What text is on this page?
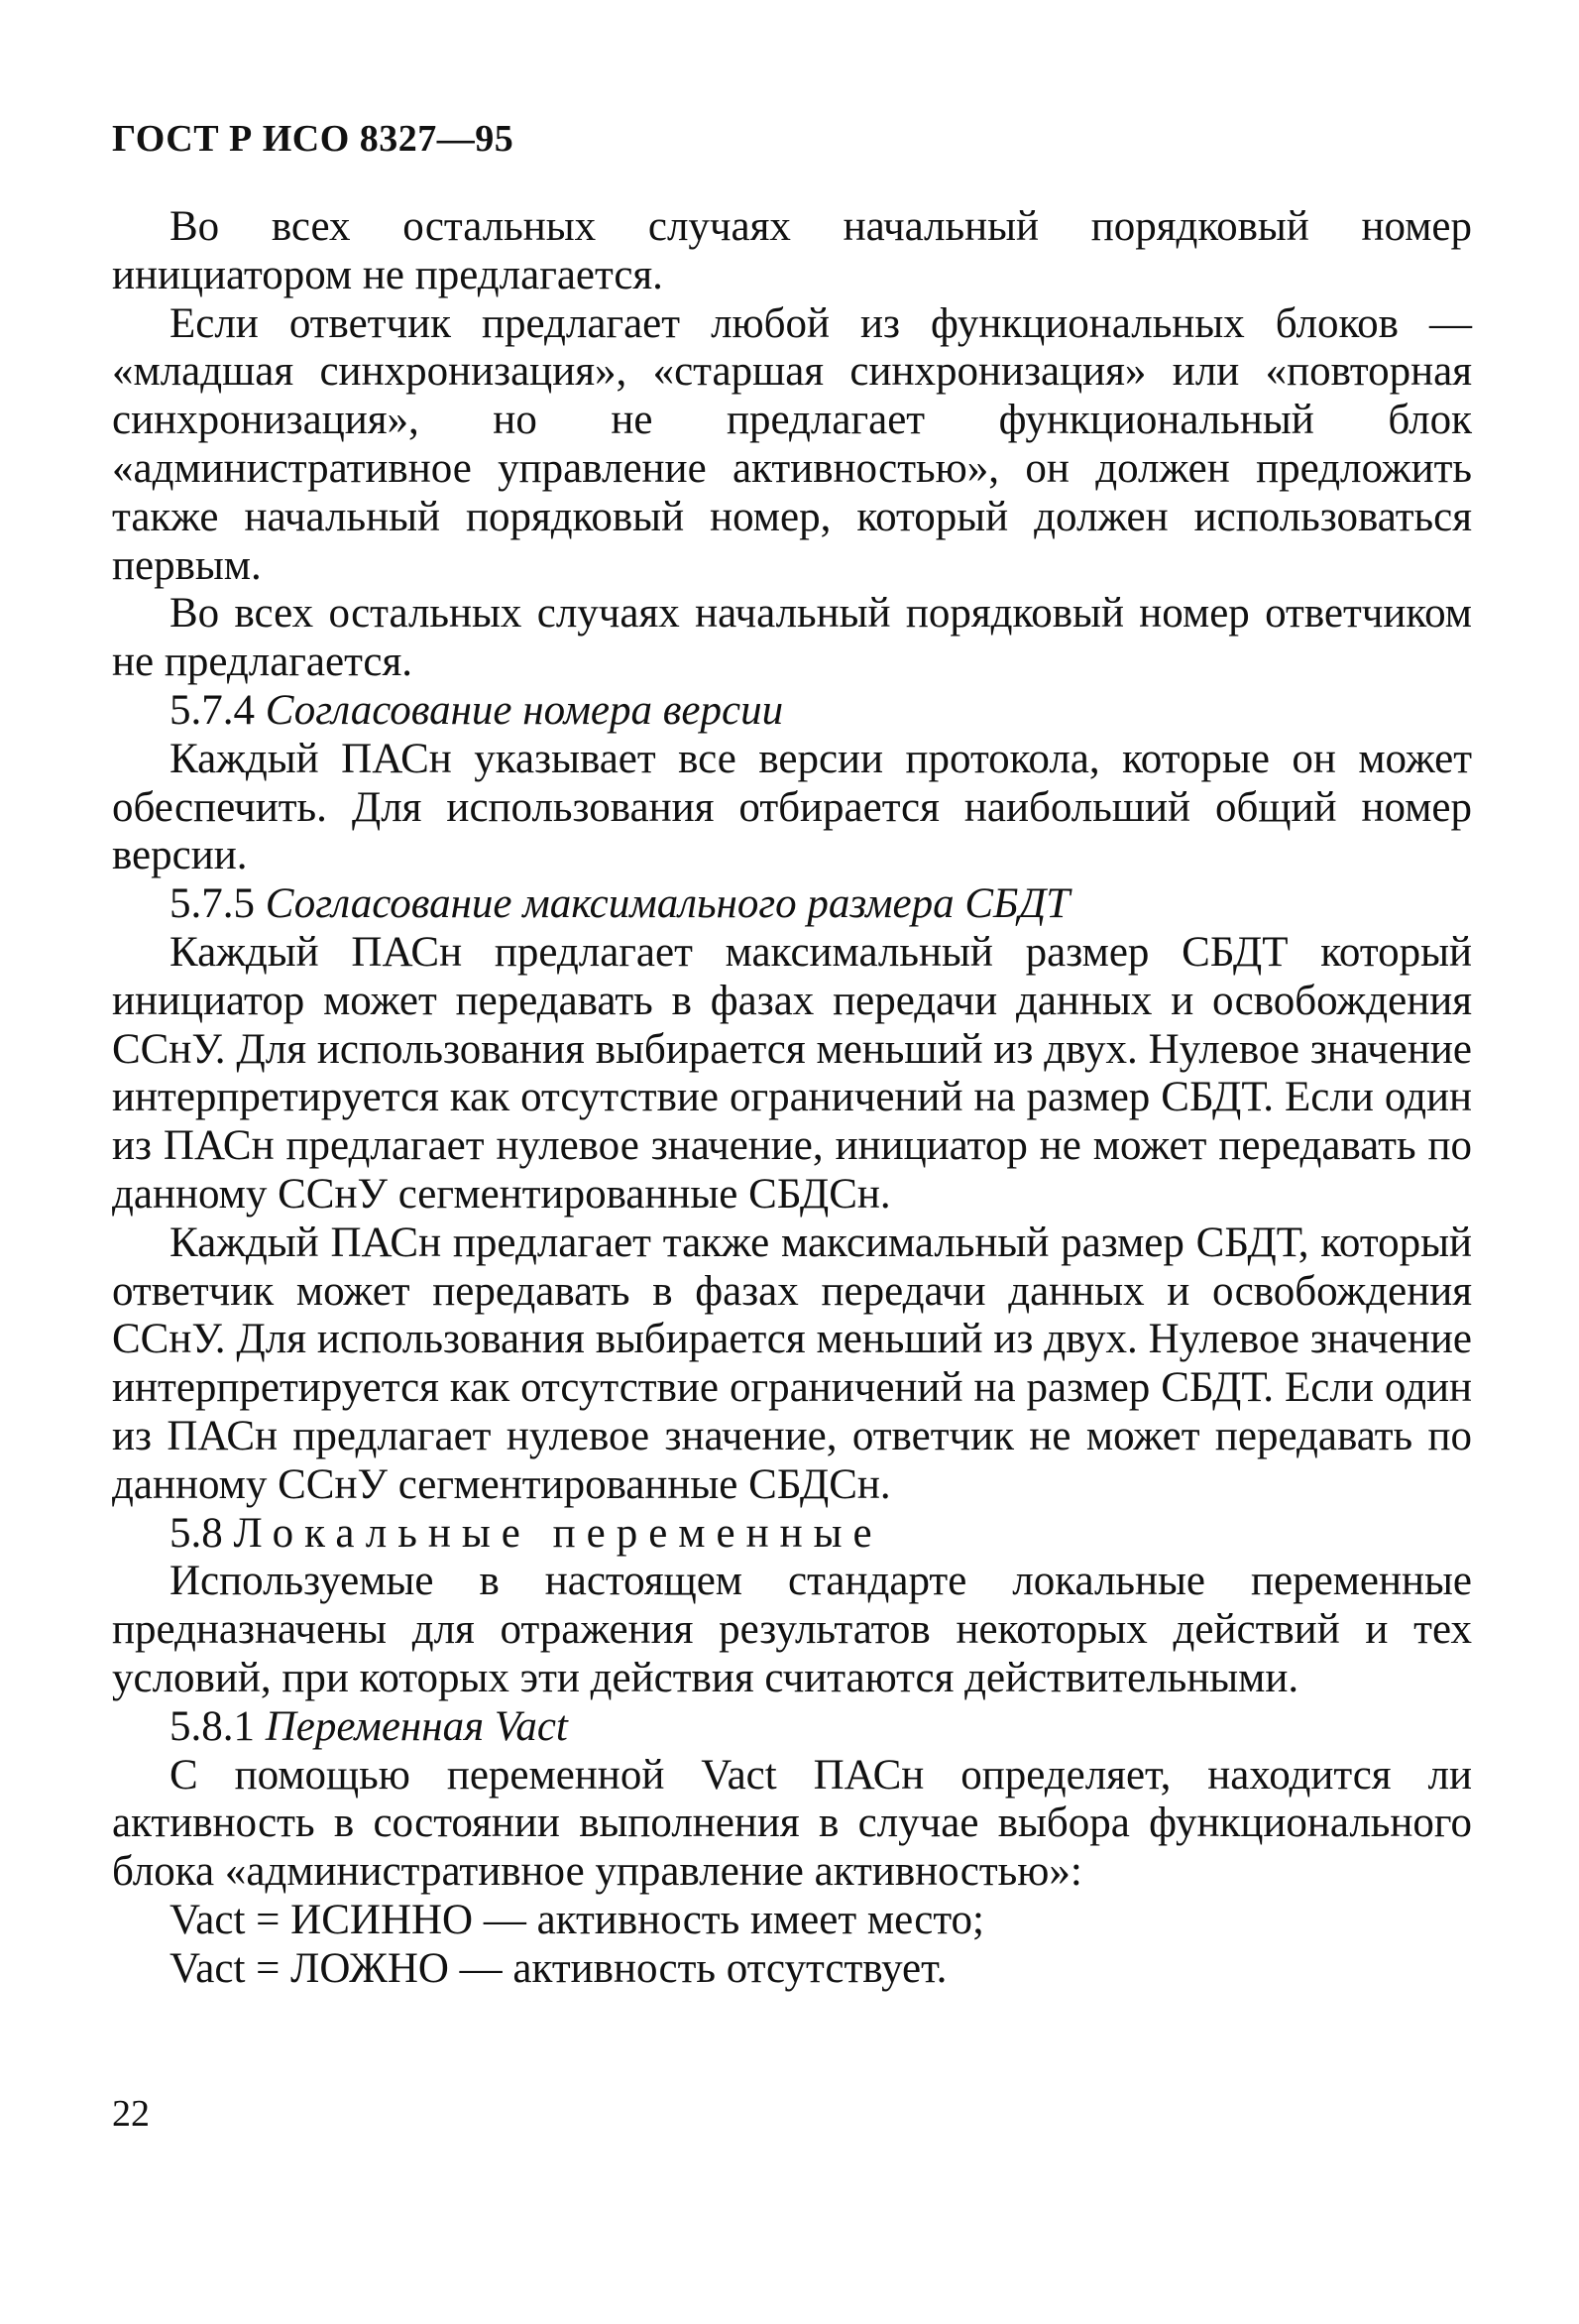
ГОСТ Р ИСО 8327—95

Во всех остальных случаях начальный порядковый номер инициатором не предлагается.

Если ответчик предлагает любой из функциональных блоков — «младшая синхронизация», «старшая синхронизация» или «повторная синхронизация», но не предлагает функциональный блок «административное управление активностью», он должен предложить также начальный порядковый номер, который должен использоваться первым.

Во всех остальных случаях начальный порядковый номер ответчиком не предлагается.

5.7.4 Согласование номера версии

Каждый ПАСн указывает все версии протокола, которые он может обеспечить. Для использования отбирается наибольший общий номер версии.

5.7.5 Согласование максимального размера СБДТ

Каждый ПАСн предлагает максимальный размер СБДТ который инициатор может передавать в фазах передачи данных и освобождения ССнУ. Для использования выбирается меньший из двух. Нулевое значение интерпретируется как отсутствие ограничений на размер СБДТ. Если один из ПАСн предлагает нулевое значение, инициатор не может передавать по данному ССнУ сегментированные СБДСн.

Каждый ПАСн предлагает также максимальный размер СБДТ, который ответчик может передавать в фазах передачи данных и освобождения ССнУ. Для использования выбирается меньший из двух. Нулевое значение интерпретируется как отсутствие ограничений на размер СБДТ. Если один из ПАСн предлагает нулевое значение, ответчик не может передавать по данному ССнУ сегментированные СБДСн.

5.8 Локальные переменные

Используемые в настоящем стандарте локальные переменные предназначены для отражения результатов некоторых действий и тех условий, при которых эти действия считаются действительными.

5.8.1 Переменная Vact

С помощью переменной Vact ПАСн определяет, находится ли активность в состоянии выполнения в случае выбора функционального блока «административное управление активностью»:

Vact = ИСИННО — активность имеет место;
Vact = ЛОЖНО — активность отсутствует.
22
